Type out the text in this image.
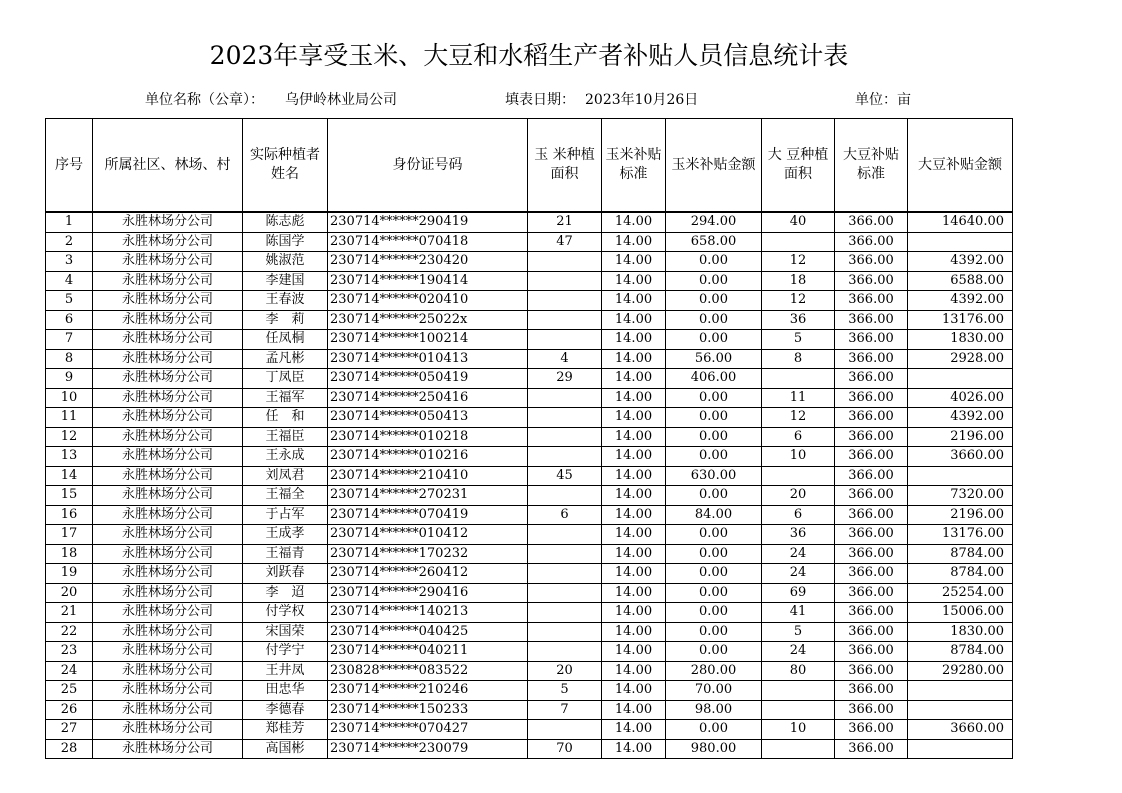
2023年享受玉米、大豆和水稻生产者补贴人员信息统计表
单位名称（公章）： 乌伊岭林业局公司	填表日期： 2023年10月26日	单位：亩
序号	所属社区、林场、村	实际种植者姓名	身份证号码	玉 米种植面积	玉米补贴标准	玉米补贴金额	大 豆种植面积	大豆补贴标准	大豆补贴金额
1	永胜林场分公司	陈志彪	230714******290419	21	14.00	294.00	40	366.00	14640.00
2	永胜林场分公司	陈国学	230714******070418	47	14.00	658.00		366.00	
3	永胜林场分公司	姚淑范	230714******230420		14.00	0.00	12	366.00	4392.00
4	永胜林场分公司	李建国	230714******190414		14.00	0.00	18	366.00	6588.00
5	永胜林场分公司	王春波	230714******020410		14.00	0.00	12	366.00	4392.00
6	永胜林场分公司	李　莉	230714******25022x		14.00	0.00	36	366.00	13176.00
7	永胜林场分公司	任凤桐	230714******100214		14.00	0.00	5	366.00	1830.00
8	永胜林场分公司	孟凡彬	230714******010413	4	14.00	56.00	8	366.00	2928.00
9	永胜林场分公司	丁凤臣	230714******050419	29	14.00	406.00		366.00	
10	永胜林场分公司	王福军	230714******250416		14.00	0.00	11	366.00	4026.00
11	永胜林场分公司	任　和	230714******050413		14.00	0.00	12	366.00	4392.00
12	永胜林场分公司	王福臣	230714******010218		14.00	0.00	6	366.00	2196.00
13	永胜林场分公司	王永成	230714******010216		14.00	0.00	10	366.00	3660.00
14	永胜林场分公司	刘凤君	230714******210410	45	14.00	630.00		366.00	
15	永胜林场分公司	王福全	230714******270231		14.00	0.00	20	366.00	7320.00
16	永胜林场分公司	于占军	230714******070419	6	14.00	84.00	6	366.00	2196.00
17	永胜林场分公司	王成孝	230714******010412		14.00	0.00	36	366.00	13176.00
18	永胜林场分公司	王福青	230714******170232		14.00	0.00	24	366.00	8784.00
19	永胜林场分公司	刘跃春	230714******260412		14.00	0.00	24	366.00	8784.00
20	永胜林场分公司	李　迢	230714******290416		14.00	0.00	69	366.00	25254.00
21	永胜林场分公司	付学权	230714******140213		14.00	0.00	41	366.00	15006.00
22	永胜林场分公司	宋国荣	230714******040425		14.00	0.00	5	366.00	1830.00
23	永胜林场分公司	付学宁	230714******040211		14.00	0.00	24	366.00	8784.00
24	永胜林场分公司	王井凤	230828******083522	20	14.00	280.00	80	366.00	29280.00
25	永胜林场分公司	田忠华	230714******210246	5	14.00	70.00		366.00	
26	永胜林场分公司	李德春	230714******150233	7	14.00	98.00		366.00	
27	永胜林场分公司	郑桂芳	230714******070427		14.00	0.00	10	366.00	3660.00
28	永胜林场分公司	高国彬	230714******230079	70	14.00	980.00		366.00	
